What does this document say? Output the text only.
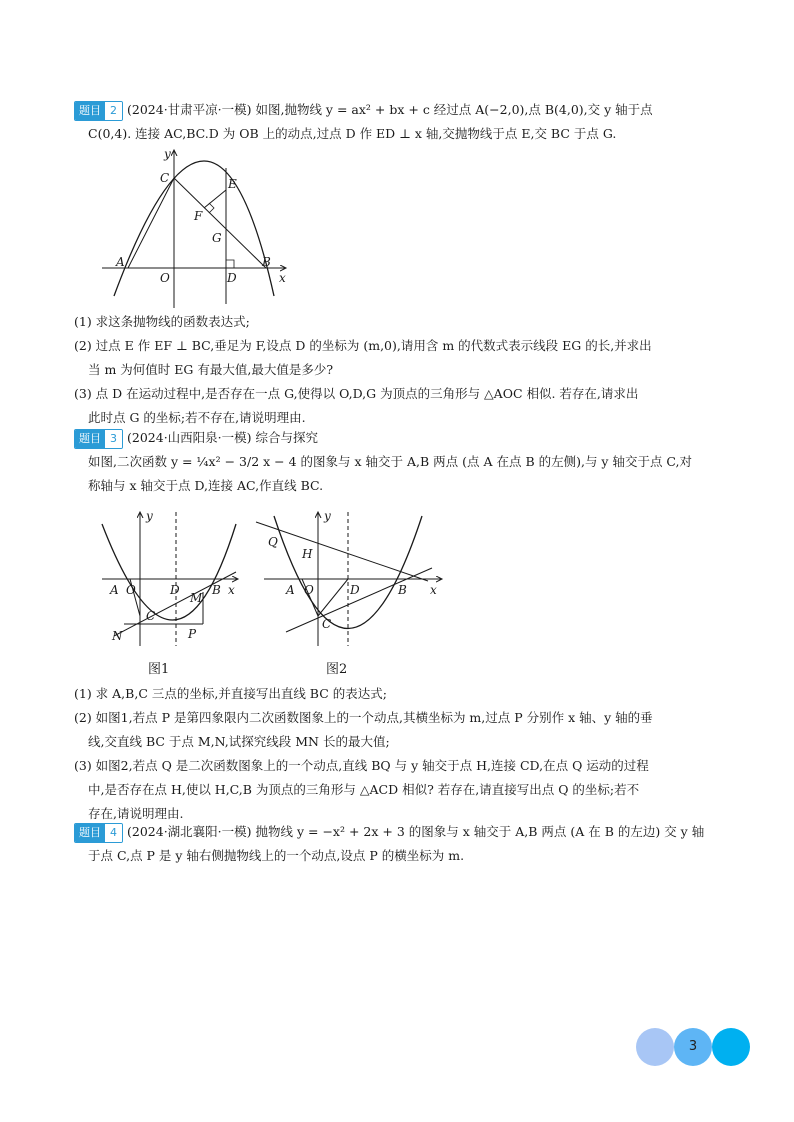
题目 2 (2024·甘肃平凉·一模) 如图,抛物线 y = ax² + bx + c 经过点 A(−2,0),点 B(4,0),交 y 轴于点
C(0,4). 连接 AC,BC.D 为 OB 上的动点,过点 D 作 ED ⊥ x 轴,交抛物线于点 E,交 BC 于点 G.
y
x
C	E
F
G
A
O	D
B
(1) 求这条抛物线的函数表达式;
(2) 过点 E 作 EF ⊥ BC,垂足为 F,设点 D 的坐标为 (m,0),请用含 m 的代数式表示线段 EG 的长,并求出
当 m 为何值时 EG 有最大值,最大值是多少?
(3) 点 D 在运动过程中,是否存在一点 G,使得以 O,D,G 为顶点的三角形与 △AOC 相似. 若存在,请求出
此时点 G 的坐标;若不存在,请说明理由.
题目 3 (2024·山西阳泉·一模) 综合与探究
如图,二次函数 y = ¼x² − 3/2 x − 4 的图象与 x 轴交于 A,B 两点 (点 A 在点 B 的左侧),与 y 轴交于点 C,对
称轴与 x 轴交于点 D,连接 AC,作直线 BC.
y
x
A O	D	B
M
C
N	P
图1
y
x
Q
H
A O	D	B
C
图2
(1) 求 A,B,C 三点的坐标,并直接写出直线 BC 的表达式;
(2) 如图1,若点 P 是第四象限内二次函数图象上的一个动点,其横坐标为 m,过点 P 分别作 x 轴、y 轴的垂
线,交直线 BC 于点 M,N,试探究线段 MN 长的最大值;
(3) 如图2,若点 Q 是二次函数图象上的一个动点,直线 BQ 与 y 轴交于点 H,连接 CD,在点 Q 运动的过程
中,是否存在点 H,使以 H,C,B 为顶点的三角形与 △ACD 相似? 若存在,请直接写出点 Q 的坐标;若不
存在,请说明理由.
题目 4 (2024·湖北襄阳·一模) 抛物线 y = −x² + 2x + 3 的图象与 x 轴交于 A,B 两点 (A 在 B 的左边) 交 y 轴
于点 C,点 P 是 y 轴右侧抛物线上的一个动点,设点 P 的横坐标为 m.
3
